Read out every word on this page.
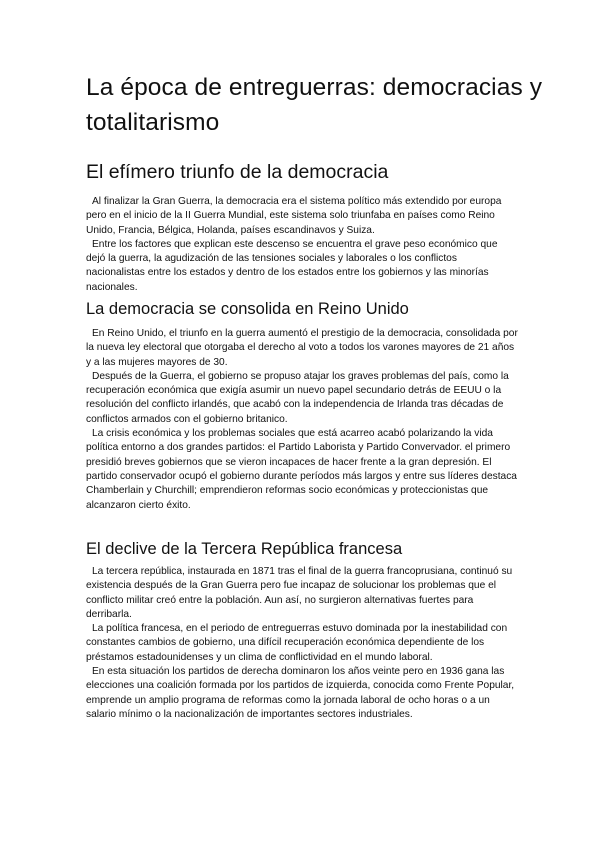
La época de entreguerras: democracias y totalitarismo
El efímero triunfo de la democracia

Al finalizar la Gran Guerra, la democracia era el sistema político más extendido por europa pero en el inicio de la II Guerra Mundial, este sistema solo triunfaba en países como Reino Unido, Francia, Bélgica, Holanda, países escandinavos y Suiza.

Entre los factores que explican este descenso se encuentra el grave peso económico que dejó la guerra, la agudización de las tensiones sociales y laborales o los conflictos nacionalistas entre los estados y dentro de los estados entre los gobiernos y las minorías nacionales.

La democracia se consolida en Reino Unido

En Reino Unido, el triunfo en la guerra aumentó el prestigio de la democracia, consolidada por la nueva ley electoral que otorgaba el derecho al voto a todos los varones mayores de 21 años y a las mujeres mayores de 30.

Después de la Guerra, el gobierno se propuso atajar los graves problemas del país, como la recuperación económica que exigía asumir un nuevo papel secundario detrás de EEUU o la resolución del conflicto irlandés, que acabó con la independencia de Irlanda tras décadas de conflictos armados con el gobierno britanico.

La crisis económica y los problemas sociales que está acarreo acabó polarizando la vida política entorno a dos grandes partidos: el Partido Laborista y Partido Convervador. el primero presidió breves gobiernos que se vieron incapaces de hacer frente a la gran depresión. El partido conservador ocupó el gobierno durante períodos más largos y entre sus líderes destaca Chamberlain y Churchill; emprendieron reformas socio económicas y proteccionistas que alcanzaron cierto éxito.

El declive de la Tercera República francesa

La tercera república, instaurada en 1871 tras el final de la guerra francoprusiana, continuó su existencia después de la Gran Guerra pero fue incapaz de solucionar los problemas que el conflicto militar creó entre la población. Aun así, no surgieron alternativas fuertes para derribarla.

La política francesa, en el periodo de entreguerras estuvo dominada por la inestabilidad con constantes cambios de gobierno, una difícil recuperación económica dependiente de los préstamos estadounidenses y un clima de conflictividad en el mundo laboral.

En esta situación los partidos de derecha dominaron los años veinte pero en 1936 gana las elecciones una coalición formada por los partidos de izquierda, conocida como Frente Popular, emprende un amplio programa de reformas como la jornada laboral de ocho horas o a un salario mínimo o la nacionalización de importantes sectores industriales.
